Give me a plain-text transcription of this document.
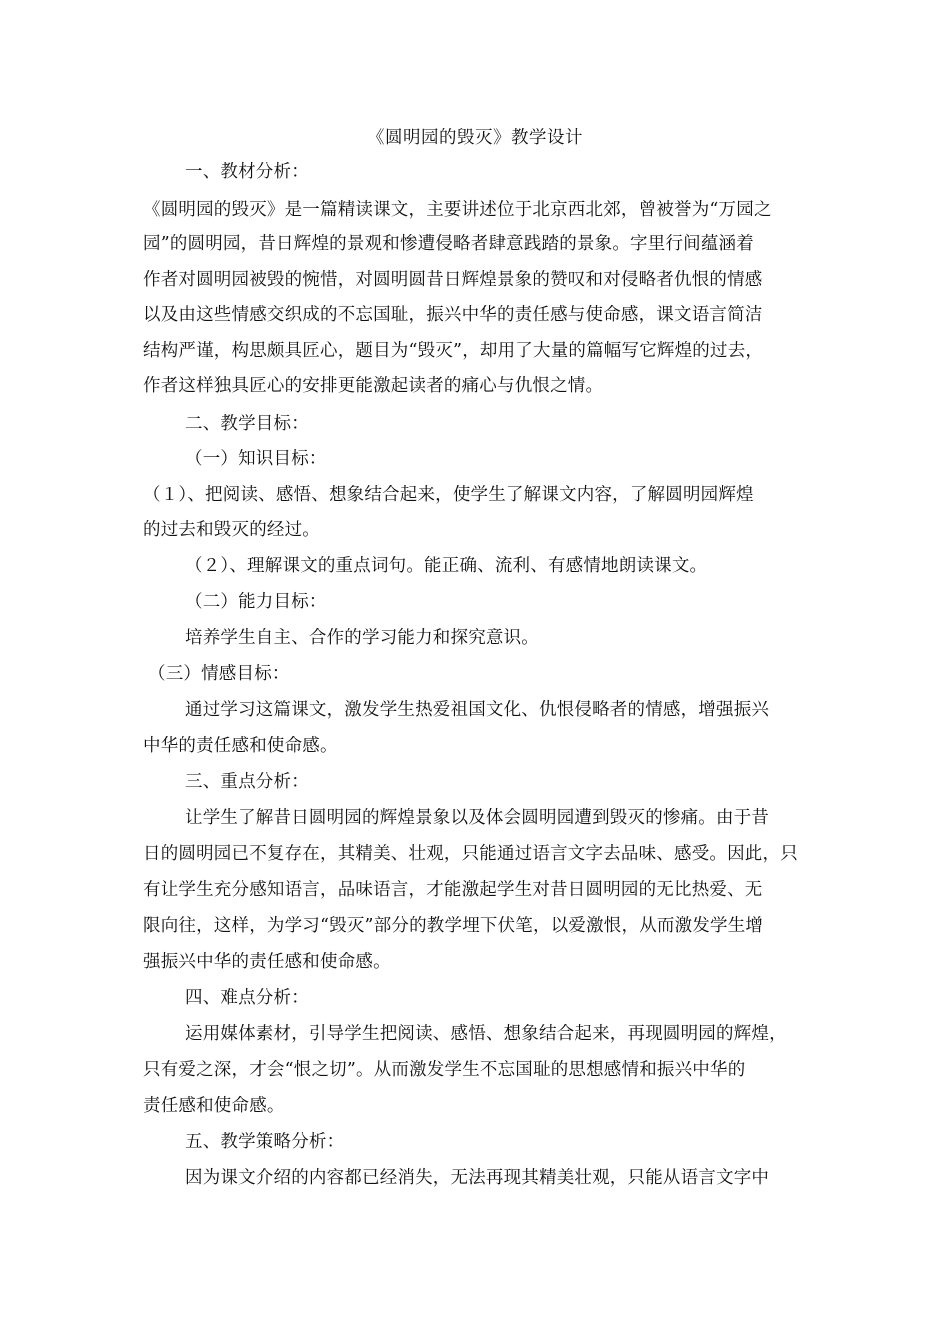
《圆明园的毁灭》教学设计
一、教材分析：
《圆明园的毁灭》是一篇精读课文，主要讲述位于北京西北郊，曾被誉为“万园之
园”的圆明园，昔日辉煌的景观和惨遭侵略者肆意践踏的景象。字里行间蕴涵着
作者对圆明园被毁的惋惜，对圆明圆昔日辉煌景象的赞叹和对侵略者仇恨的情感
以及由这些情感交织成的不忘国耻，振兴中华的责任感与使命感，课文语言简洁
结构严谨，构思颇具匠心，题目为“毁灭”，却用了大量的篇幅写它辉煌的过去，
作者这样独具匠心的安排更能激起读者的痛心与仇恨之情。
二、教学目标：
（一）知识目标：
（１）、把阅读、感悟、想象结合起来，使学生了解课文内容，了解圆明园辉煌
的过去和毁灭的经过。
（２）、理解课文的重点词句。能正确、流利、有感情地朗读课文。
（二）能力目标：
培养学生自主、合作的学习能力和探究意识。
（三）情感目标：
通过学习这篇课文，激发学生热爱祖国文化、仇恨侵略者的情感，增强振兴
中华的责任感和使命感。
三、重点分析：
让学生了解昔日圆明园的辉煌景象以及体会圆明园遭到毁灭的惨痛。由于昔
日的圆明园已不复存在，其精美、壮观，只能通过语言文字去品味、感受。因此，只
有让学生充分感知语言，品味语言，才能激起学生对昔日圆明园的无比热爱、无
限向往，这样，为学习“毁灭”部分的教学埋下伏笔，以爱激恨，从而激发学生增
强振兴中华的责任感和使命感。
四、难点分析：
运用媒体素材，引导学生把阅读、感悟、想象结合起来，再现圆明园的辉煌，
只有爱之深，才会“恨之切”。从而激发学生不忘国耻的思想感情和振兴中华的
责任感和使命感。
五、教学策略分析：
因为课文介绍的内容都已经消失，无法再现其精美壮观，只能从语言文字中
